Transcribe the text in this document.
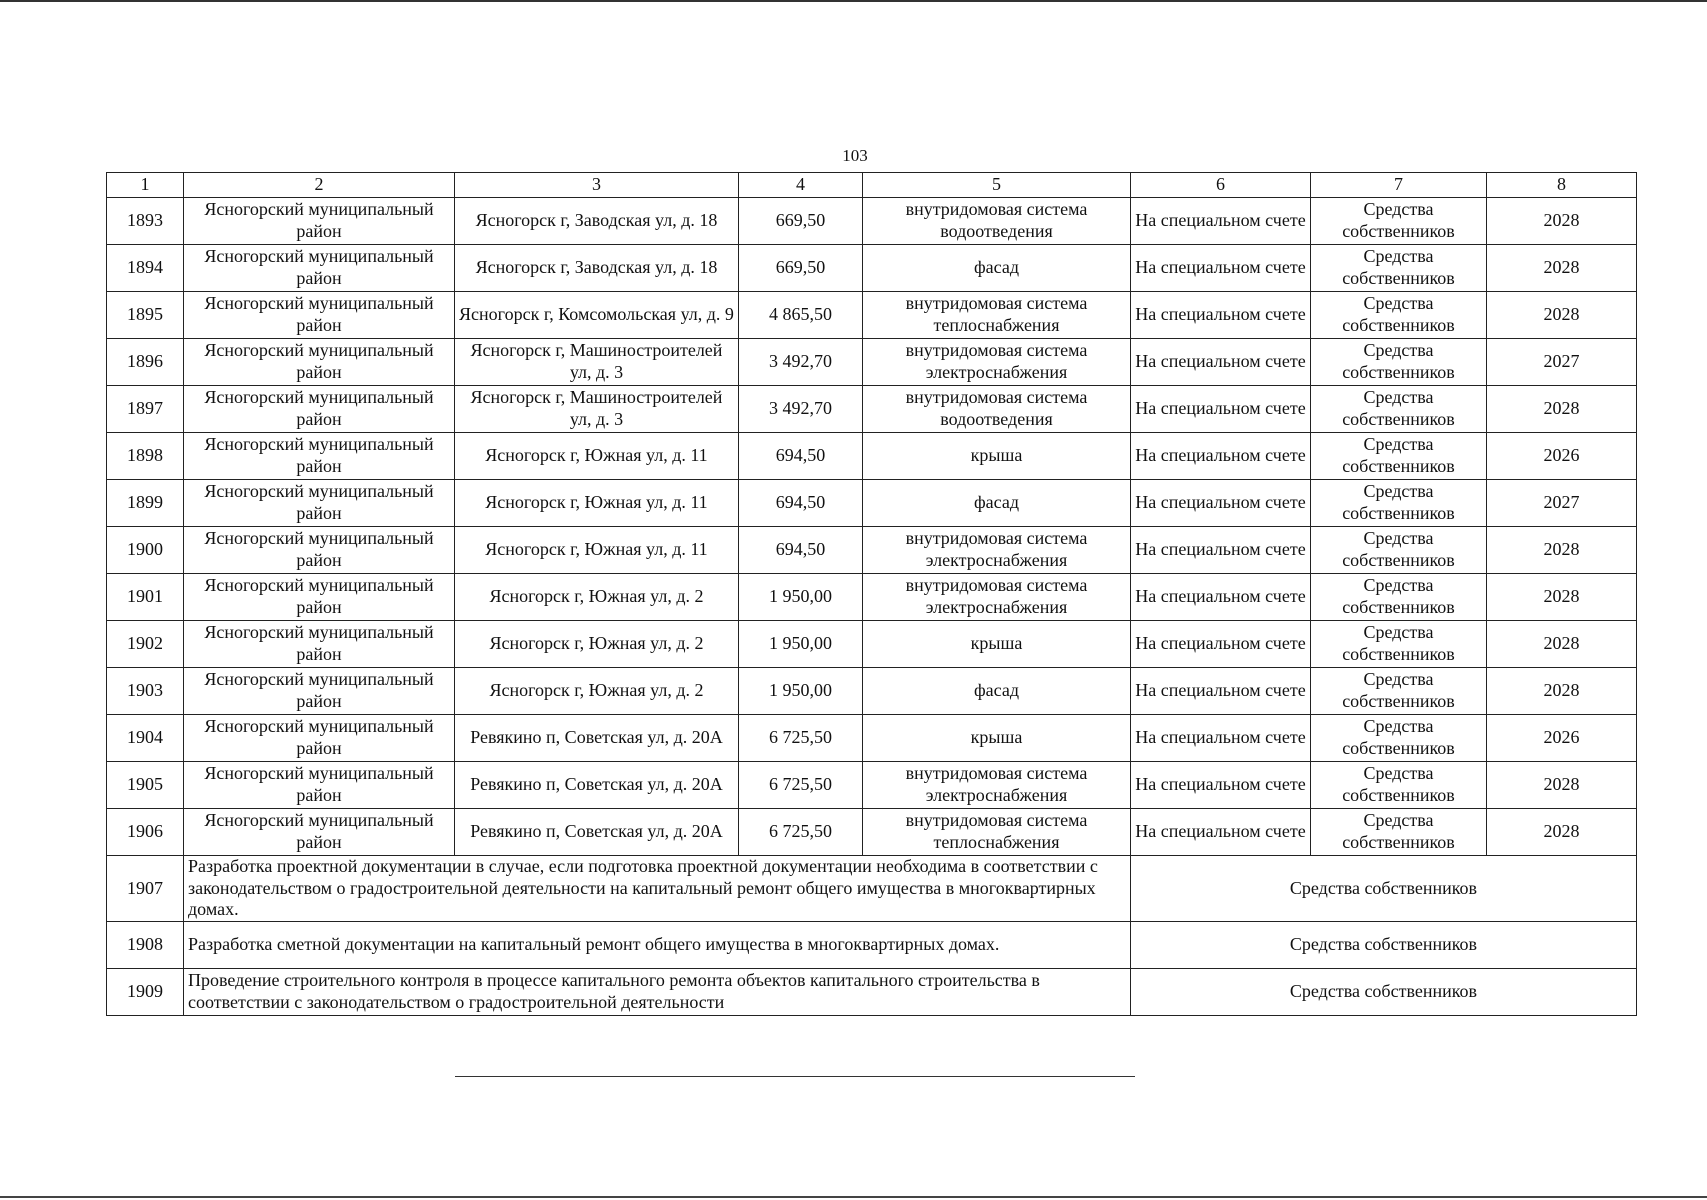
103
1	2	3	4	5	6	7	8
1893	Ясногорский муниципальный район	Ясногорск г, Заводская ул, д. 18	669,50	внутридомовая система водоотведения	На специальном счете	Средства собственников	2028
1894	Ясногорский муниципальный район	Ясногорск г, Заводская ул, д. 18	669,50	фасад	На специальном счете	Средства собственников	2028
1895	Ясногорский муниципальный район	Ясногорск г, Комсомольская ул, д. 9	4 865,50	внутридомовая система теплоснабжения	На специальном счете	Средства собственников	2028
1896	Ясногорский муниципальный район	Ясногорск г, Машиностроителей ул, д. 3	3 492,70	внутридомовая система электроснабжения	На специальном счете	Средства собственников	2027
1897	Ясногорский муниципальный район	Ясногорск г, Машиностроителей ул, д. 3	3 492,70	внутридомовая система водоотведения	На специальном счете	Средства собственников	2028
1898	Ясногорский муниципальный район	Ясногорск г, Южная ул, д. 11	694,50	крыша	На специальном счете	Средства собственников	2026
1899	Ясногорский муниципальный район	Ясногорск г, Южная ул, д. 11	694,50	фасад	На специальном счете	Средства собственников	2027
1900	Ясногорский муниципальный район	Ясногорск г, Южная ул, д. 11	694,50	внутридомовая система электроснабжения	На специальном счете	Средства собственников	2028
1901	Ясногорский муниципальный район	Ясногорск г, Южная ул, д. 2	1 950,00	внутридомовая система электроснабжения	На специальном счете	Средства собственников	2028
1902	Ясногорский муниципальный район	Ясногорск г, Южная ул, д. 2	1 950,00	крыша	На специальном счете	Средства собственников	2028
1903	Ясногорский муниципальный район	Ясногорск г, Южная ул, д. 2	1 950,00	фасад	На специальном счете	Средства собственников	2028
1904	Ясногорский муниципальный район	Ревякино п, Советская ул, д. 20А	6 725,50	крыша	На специальном счете	Средства собственников	2026
1905	Ясногорский муниципальный район	Ревякино п, Советская ул, д. 20А	6 725,50	внутридомовая система электроснабжения	На специальном счете	Средства собственников	2028
1906	Ясногорский муниципальный район	Ревякино п, Советская ул, д. 20А	6 725,50	внутридомовая система теплоснабжения	На специальном счете	Средства собственников	2028
1907	Разработка проектной документации в случае, если подготовка проектной документации необходима в соответствии с законодательством о градостроительной деятельности на капитальный ремонт общего имущества в многоквартирных домах.				Средства собственников		
1908	Разработка сметной документации на капитальный ремонт общего имущества в многоквартирных домах.				Средства собственников		
1909	Проведение строительного контроля в процессе капитального ремонта объектов капитального строительства в соответствии с законодательством о градостроительной деятельности				Средства собственников		
